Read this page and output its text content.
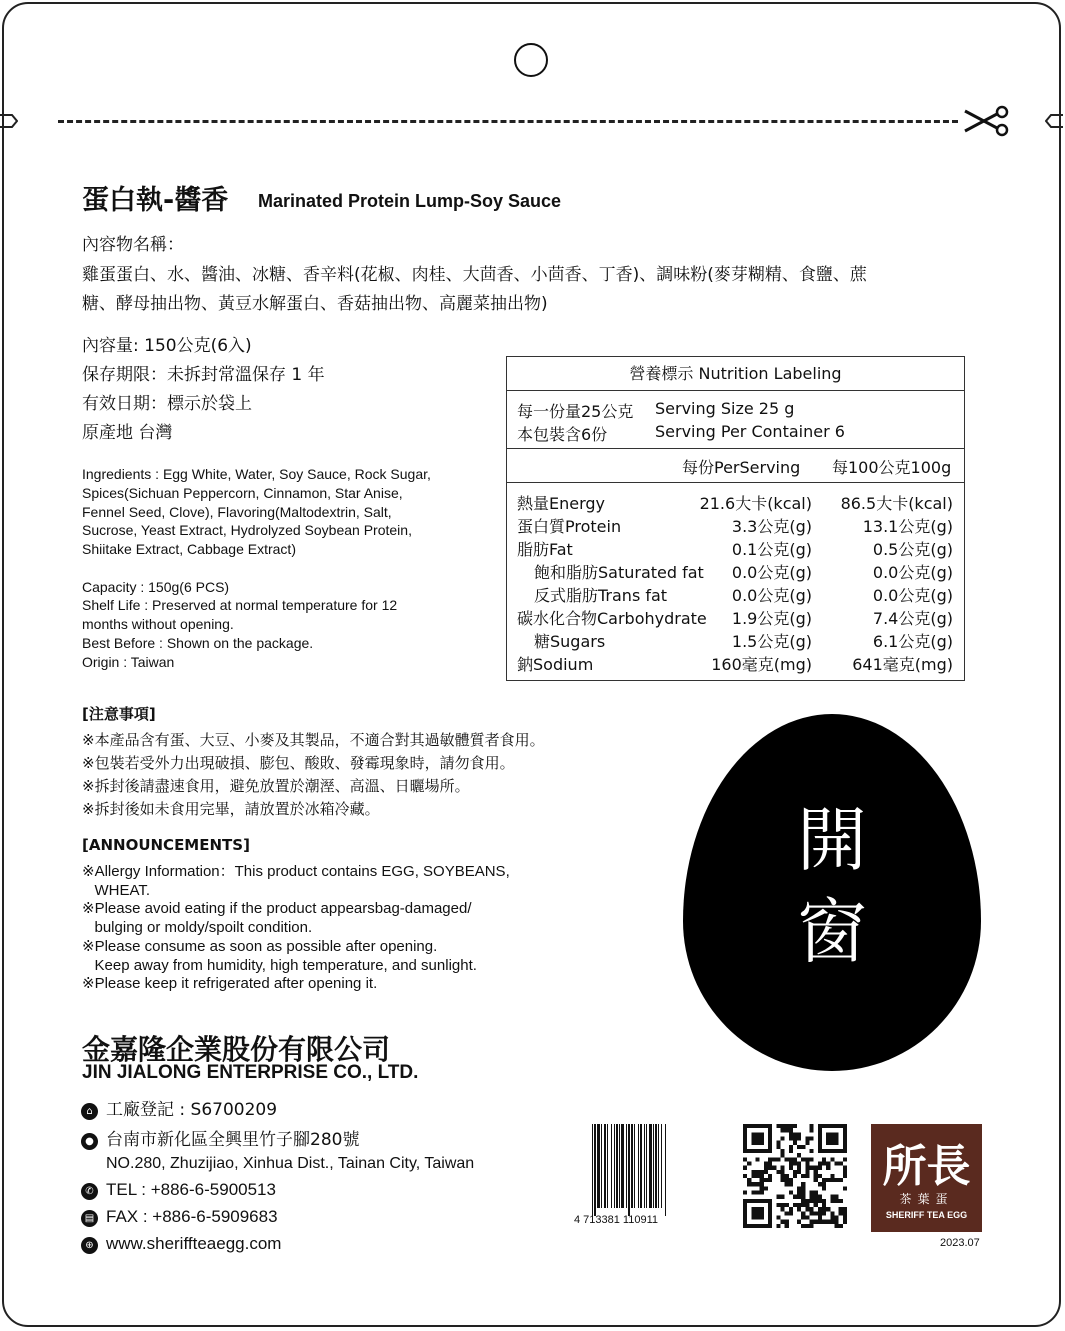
蛋白執-醬香 Marinated Protein Lump-Soy Sauce
內容物名稱：
雞蛋蛋白、水、醬油、冰糖、香辛料(花椒、肉桂、大茴香、小茴香、丁香)、調味粉(麥芽糊精、食鹽、蔗
糖、酵母抽出物、黃豆水解蛋白、香菇抽出物、高麗菜抽出物)
內容量: 150公克(6入)
保存期限：未拆封常溫保存 1 年
有效日期：標示於袋上
原產地 台灣
Ingredients : Egg White, Water, Soy Sauce, Rock Sugar,
Spices(Sichuan Peppercorn, Cinnamon, Star Anise,
Fennel Seed, Clove), Flavoring(Maltodextrin, Salt,
Sucrose, Yeast Extract, Hydrolyzed Soybean Protein,
Shiitake Extract, Cabbage Extract)
Capacity : 150g(6 PCS)
Shelf Life : Preserved at normal temperature for 12
months without opening.
Best Before : Shown on the package.
Origin : Taiwan
營養標示 Nutrition Labeling
每一份量25公克 Serving Size 25 g
本包裝含6份	Serving Per Container 6
每份PerServing 每100公克100g
熱量Energy	21.6大卡(kcal) 86.5大卡(kcal)
蛋白質Protein	3.3公克(g)	13.1公克(g)
脂肪Fat	0.1公克(g)	0.5公克(g)
飽和脂肪Saturated fat 0.0公克(g)	0.0公克(g)
反式脂肪Trans fat	0.0公克(g)	0.0公克(g)
碳水化合物Carbohydrate 1.9公克(g)	7.4公克(g)
糖Sugars	1.5公克(g)	6.1公克(g)
鈉Sodium	160毫克(mg)	641毫克(mg)
[注意事項]
※本產品含有蛋、大豆、小麥及其製品，不適合對其過敏體質者食用。
※包裝若受外力出現破損、膨包、酸敗、發霉現象時，請勿食用。
※拆封後請盡速食用，避免放置於潮溼、高溫、日曬場所。
※拆封後如未食用完畢，請放置於冰箱冷藏。
[ANNOUNCEMENTS]
※Allergy Information：This product contains EGG, SOYBEANS,
WHEAT.
※Please avoid eating if the product appearsbag-damaged/
bulging or moldy/spoilt condition.
※Please consume as soon as possible after opening.
Keep away from humidity, high temperature, and sunlight.
※Please keep it refrigerated after opening it.
開
窗
金嘉隆企業股份有限公司
JIN JIALONG ENTERPRISE CO., LTD.
⌂ 工廠登記 : S6700209
● 台南市新化區全興里竹子腳280號
NO.280, Zhuzijiao, Xinhua Dist., Tainan City, Taiwan
✆ TEL : +886-6-5900513
▤ FAX : +886-6-5909683
⊕ www.sheriffteaegg.com
4 713381 110911
所長
茶葉蛋
SHERIFF TEA EGG
2023.07
